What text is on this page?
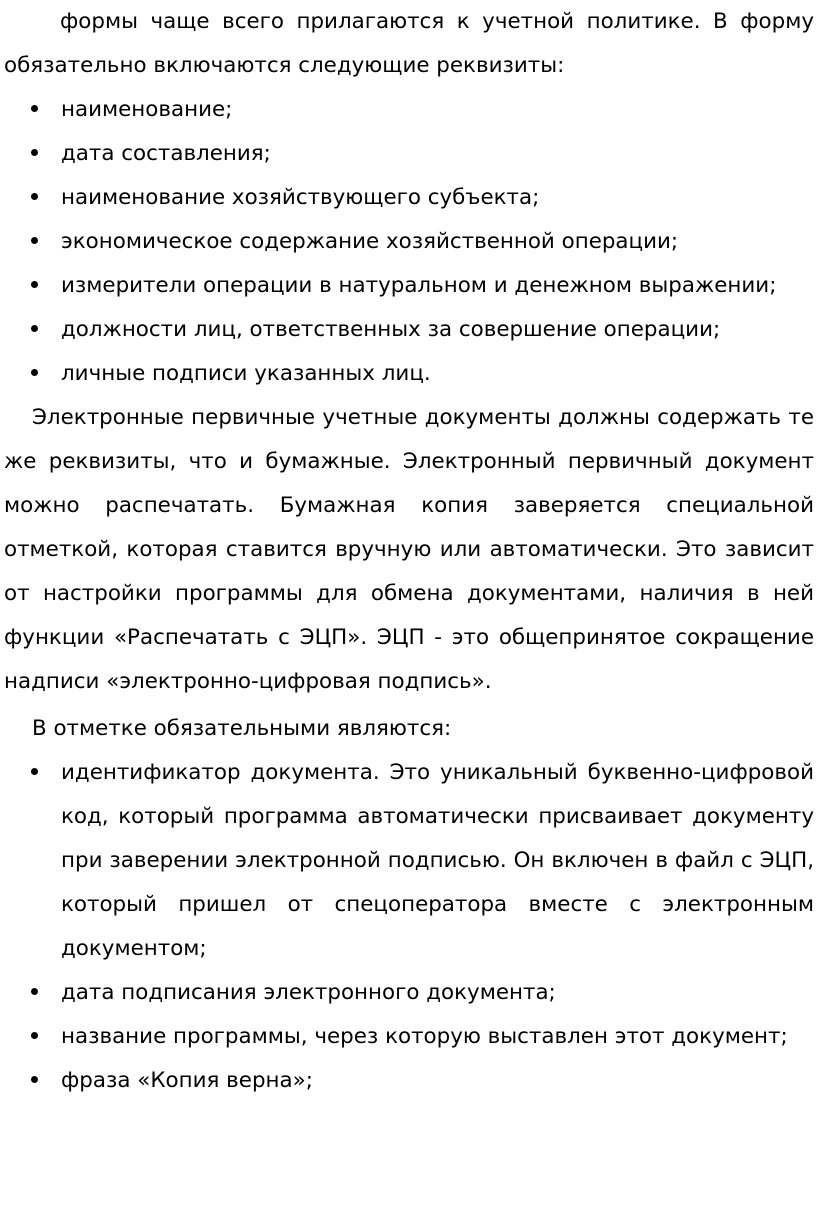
формы чаще всего прилагаются к учетной политике. В форму обязательно включаются следующие реквизиты:

наименование;
дата составления;
наименование хозяйствующего субъекта;
экономическое содержание хозяйственной операции;
измерители операции в натуральном и денежном выражении;
должности лиц, ответственных за совершение операции;
личные подписи указанных лиц.

Электронные первичные учетные документы должны содержать те же реквизиты, что и бумажные. Электронный первичный документ можно распечатать. Бумажная копия заверяется специальной отметкой, которая ставится вручную или автоматически. Это зависит от настройки программы для обмена документами, наличия в ней функции «Распечатать с ЭЦП». ЭЦП - это общепринятое сокращение надписи «электронно-цифровая подпись».

В отметке обязательными являются:

идентификатор документа. Это уникальный буквенно-цифровой код, который программа автоматически присваивает документу при заверении электронной подписью. Он включен в файл с ЭЦП, который пришел от спецоператора вместе с электронным документом;
дата подписания электронного документа;
название программы, через которую выставлен этот документ;
фраза «Копия верна»;
